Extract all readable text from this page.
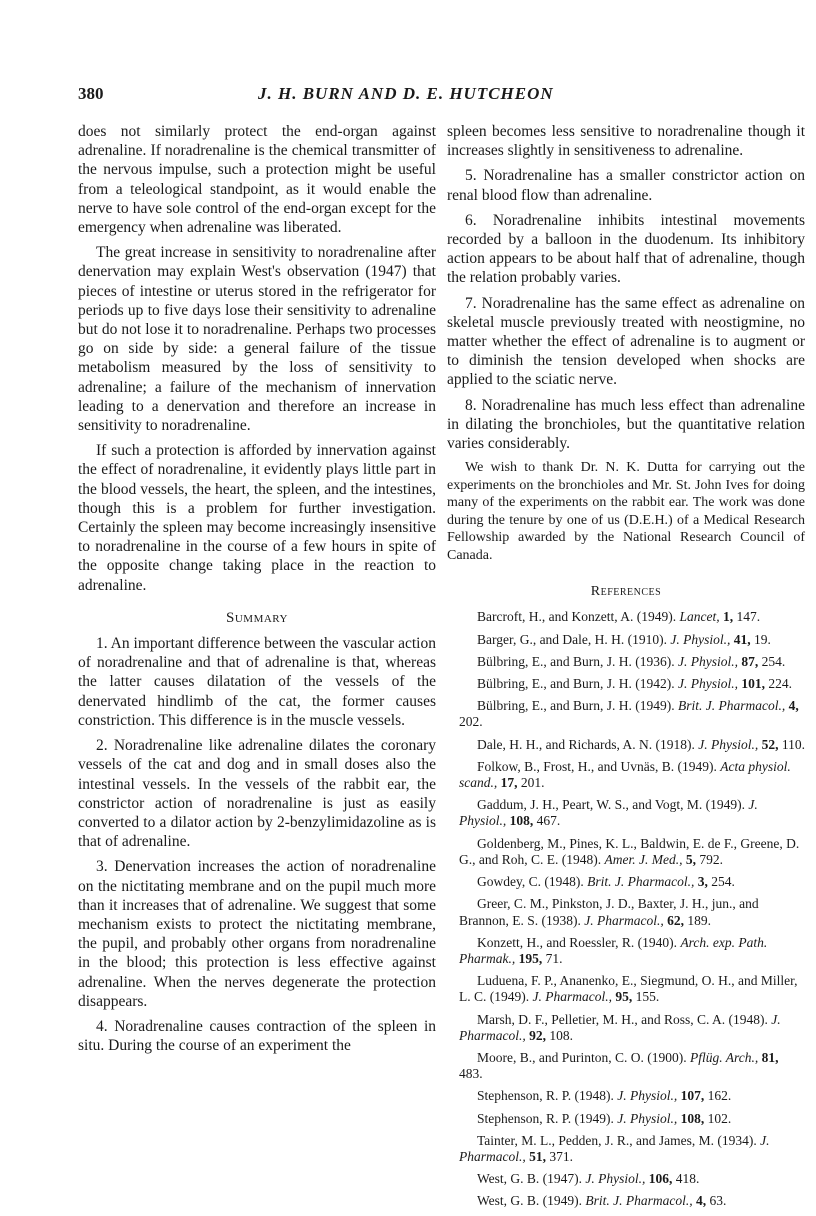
380	J. H. BURN AND D. E. HUTCHEON

does not similarly protect the end-organ against adrenaline. If noradrenaline is the chemical transmitter of the nervous impulse, such a protection might be useful from a teleological standpoint, as it would enable the nerve to have sole control of the end-organ except for the emergency when adrenaline was liberated.

The great increase in sensitivity to noradrenaline after denervation may explain West's observation (1947) that pieces of intestine or uterus stored in the refrigerator for periods up to five days lose their sensitivity to adrenaline but do not lose it to noradrenaline. Perhaps two processes go on side by side: a general failure of the tissue metabolism measured by the loss of sensitivity to adrenaline; a failure of the mechanism of innervation leading to a denervation and therefore an increase in sensitivity to noradrenaline.

If such a protection is afforded by innervation against the effect of noradrenaline, it evidently plays little part in the blood vessels, the heart, the spleen, and the intestines, though this is a problem for further investigation. Certainly the spleen may become increasingly insensitive to noradrenaline in the course of a few hours in spite of the opposite change taking place in the reaction to adrenaline.

Summary

1. An important difference between the vascular action of noradrenaline and that of adrenaline is that, whereas the latter causes dilatation of the vessels of the denervated hindlimb of the cat, the former causes constriction. This difference is in the muscle vessels.

2. Noradrenaline like adrenaline dilates the coronary vessels of the cat and dog and in small doses also the intestinal vessels. In the vessels of the rabbit ear, the constrictor action of noradrenaline is just as easily converted to a dilator action by 2-benzylimidazoline as is that of adrenaline.

3. Denervation increases the action of noradrenaline on the nictitating membrane and on the pupil much more than it increases that of adrenaline. We suggest that some mechanism exists to protect the nictitating membrane, the pupil, and probably other organs from noradrenaline in the blood; this protection is less effective against adrenaline. When the nerves degenerate the protection disappears.

4. Noradrenaline causes contraction of the spleen in situ. During the course of an experiment the

spleen becomes less sensitive to noradrenaline though it increases slightly in sensitiveness to adrenaline.

5. Noradrenaline has a smaller constrictor action on renal blood flow than adrenaline.

6. Noradrenaline inhibits intestinal movements recorded by a balloon in the duodenum. Its inhibitory action appears to be about half that of adrenaline, though the relation probably varies.

7. Noradrenaline has the same effect as adrenaline on skeletal muscle previously treated with neostigmine, no matter whether the effect of adrenaline is to augment or to diminish the tension developed when shocks are applied to the sciatic nerve.

8. Noradrenaline has much less effect than adrenaline in dilating the bronchioles, but the quantitative relation varies considerably.

We wish to thank Dr. N. K. Dutta for carrying out the experiments on the bronchioles and Mr. St. John Ives for doing many of the experiments on the rabbit ear. The work was done during the tenure by one of us (D.E.H.) of a Medical Research Fellowship awarded by the National Research Council of Canada.

References

Barcroft, H., and Konzett, A. (1949). Lancet, 1, 147.

Barger, G., and Dale, H. H. (1910). J. Physiol., 41, 19.

Bülbring, E., and Burn, J. H. (1936). J. Physiol., 87, 254.

Bülbring, E., and Burn, J. H. (1942). J. Physiol., 101, 224.

Bülbring, E., and Burn, J. H. (1949). Brit. J. Pharmacol., 4, 202.

Dale, H. H., and Richards, A. N. (1918). J. Physiol., 52, 110.

Folkow, B., Frost, H., and Uvnäs, B. (1949). Acta physiol. scand., 17, 201.

Gaddum, J. H., Peart, W. S., and Vogt, M. (1949). J. Physiol., 108, 467.

Goldenberg, M., Pines, K. L., Baldwin, E. de F., Greene, D. G., and Roh, C. E. (1948). Amer. J. Med., 5, 792.

Gowdey, C. (1948). Brit. J. Pharmacol., 3, 254.

Greer, C. M., Pinkston, J. D., Baxter, J. H., jun., and Brannon, E. S. (1938). J. Pharmacol., 62, 189.

Konzett, H., and Roessler, R. (1940). Arch. exp. Path. Pharmak., 195, 71.

Luduena, F. P., Ananenko, E., Siegmund, O. H., and Miller, L. C. (1949). J. Pharmacol., 95, 155.

Marsh, D. F., Pelletier, M. H., and Ross, C. A. (1948). J. Pharmacol., 92, 108.

Moore, B., and Purinton, C. O. (1900). Pflüg. Arch., 81, 483.

Stephenson, R. P. (1948). J. Physiol., 107, 162.

Stephenson, R. P. (1949). J. Physiol., 108, 102.

Tainter, M. L., Pedden, J. R., and James, M. (1934). J. Pharmacol., 51, 371.

West, G. B. (1947). J. Physiol., 106, 418.

West, G. B. (1949). Brit. J. Pharmacol., 4, 63.
